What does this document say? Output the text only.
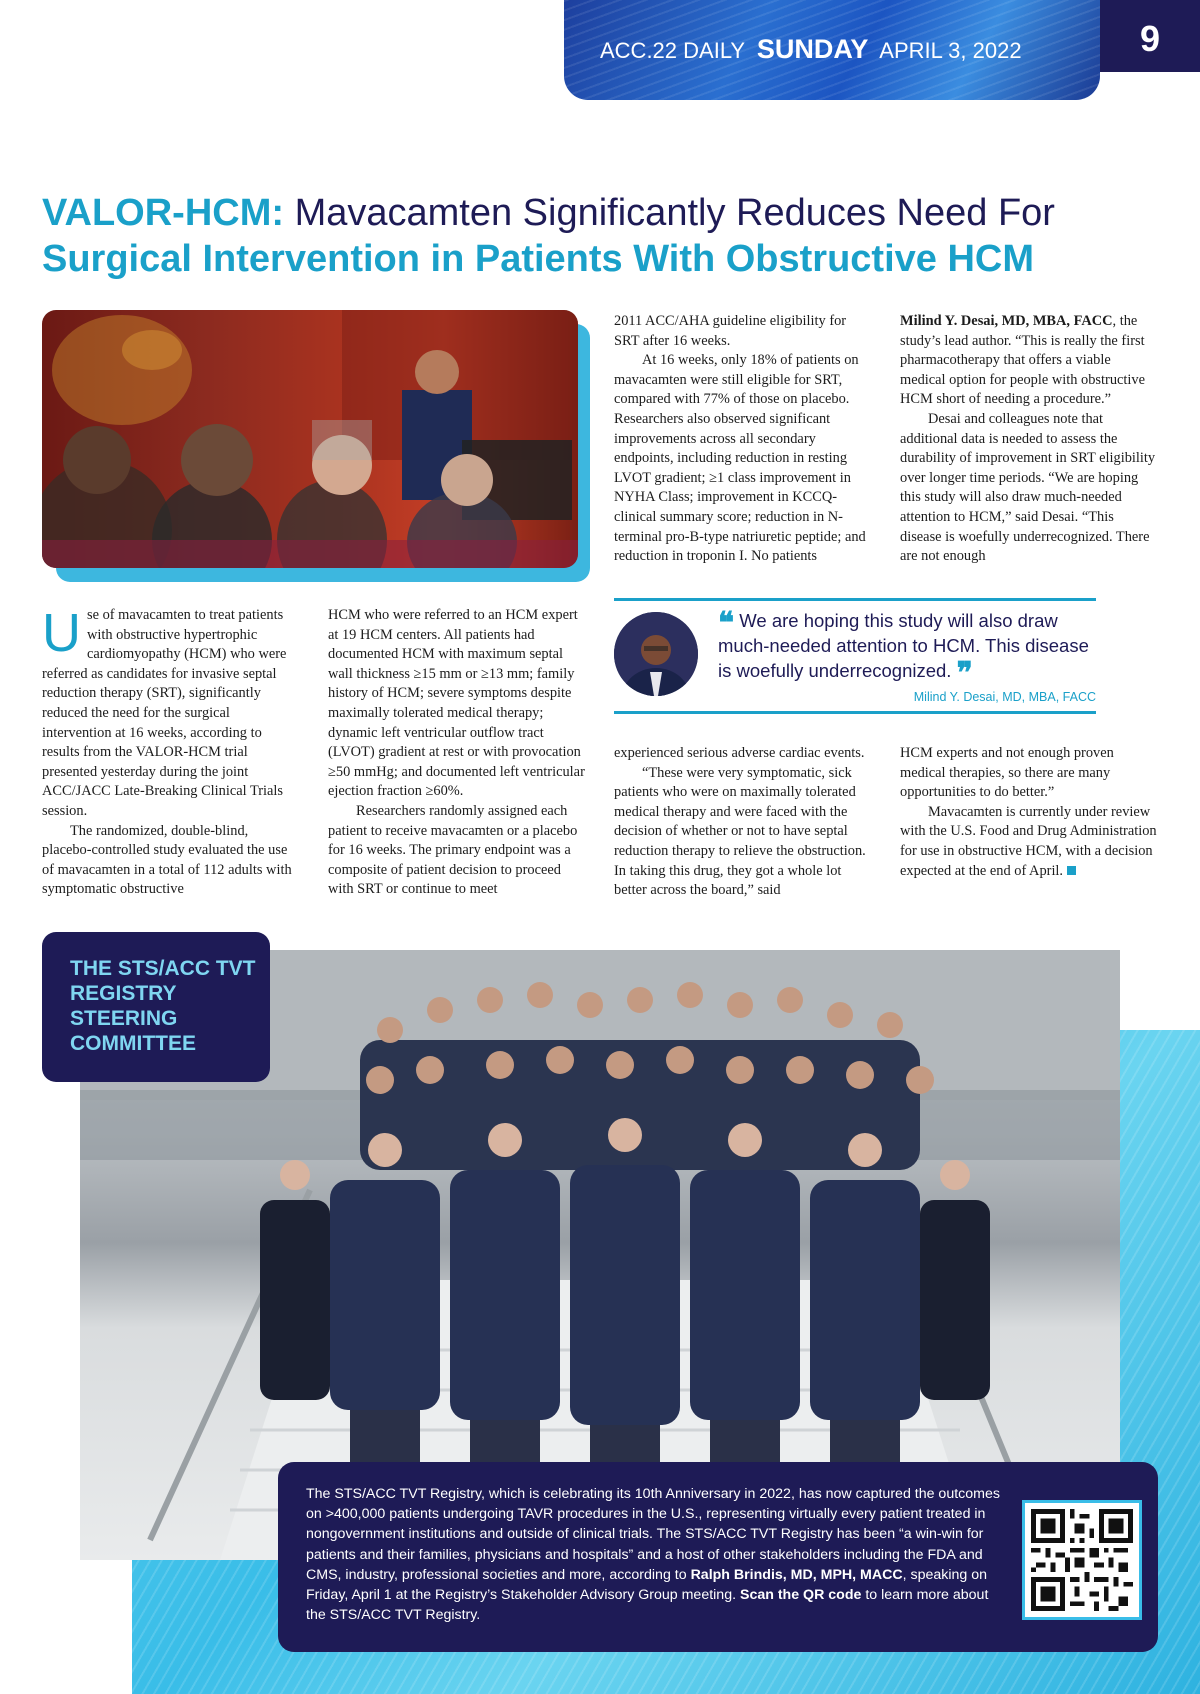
ACC.22 DAILY SUNDAY APRIL 3, 2022	9
VALOR-HCM: Mavacamten Significantly Reduces Need For
Surgical Intervention in Patients With Obstructive HCM

Use of mavacamten to treat patients with obstructive hypertrophic cardiomyopathy (HCM) who were referred as candidates for invasive septal reduction therapy (SRT), significantly reduced the need for the surgical intervention at 16 weeks, according to results from the VALOR-HCM trial presented yesterday during the joint ACC/JACC Late-Breaking Clinical Trials session.

The randomized, double-blind, placebo-controlled study evaluated the use of mavacamten in a total of 112 adults with symptomatic obstructive

HCM who were referred to an HCM expert at 19 HCM centers. All patients had documented HCM with maximum septal wall thickness ≥15 mm or ≥13 mm; family history of HCM; severe symptoms despite maximally tolerated medical therapy; dynamic left ventricular outflow tract (LVOT) gradient at rest or with provocation ≥50 mmHg; and documented left ventricular ejection fraction ≥60%.

Researchers randomly assigned each patient to receive mavacamten or a placebo for 16 weeks. The primary endpoint was a composite of patient decision to proceed with SRT or continue to meet

2011 ACC/AHA guideline eligibility for SRT after 16 weeks.

At 16 weeks, only 18% of patients on mavacamten were still eligible for SRT, compared with 77% of those on placebo. Researchers also observed significant improvements across all secondary endpoints, including reduction in resting LVOT gradient; ≥1 class improvement in NYHA Class; improvement in KCCQ-clinical summary score; reduction in N-terminal pro-B-type natriuretic peptide; and reduction in troponin I. No patients

Milind Y. Desai, MD, MBA, FACC, the study’s lead author. “This is really the first pharmacotherapy that offers a viable medical option for people with obstructive HCM short of needing a procedure.”

Desai and colleagues note that additional data is needed to assess the durability of improvement in SRT eligibility over longer time periods. “We are hoping this study will also draw much-needed attention to HCM,” said Desai. “This disease is woefully underrecognized. There are not enough

❝ We are hoping this study will also draw much-needed attention to HCM. This disease is woefully underrecognized. ❞
Milind Y. Desai, MD, MBA, FACC

experienced serious adverse cardiac events.

“These were very symptomatic, sick patients who were on maximally tolerated medical therapy and were faced with the decision of whether or not to have septal reduction therapy to relieve the obstruction. In taking this drug, they got a whole lot better across the board,” said

HCM experts and not enough proven medical therapies, so there are many opportunities to do better.”

Mavacamten is currently under review with the U.S. Food and Drug Administration for use in obstructive HCM, with a decision expected at the end of April.

THE STS/ACC TVT REGISTRY STEERING COMMITTEE
The STS/ACC TVT Registry, which is celebrating its 10th Anniversary in 2022, has now captured the outcomes on >400,000 patients undergoing TAVR procedures in the U.S., representing virtually every patient treated in nongovernment institutions and outside of clinical trials. The STS/ACC TVT Registry has been “a win-win for patients and their families, physicians and hospitals” and a host of other stakeholders including the FDA and CMS, industry, professional societies and more, according to Ralph Brindis, MD, MPH, MACC, speaking on Friday, April 1 at the Registry’s Stakeholder Advisory Group meeting. Scan the QR code to learn more about the STS/ACC TVT Registry.
